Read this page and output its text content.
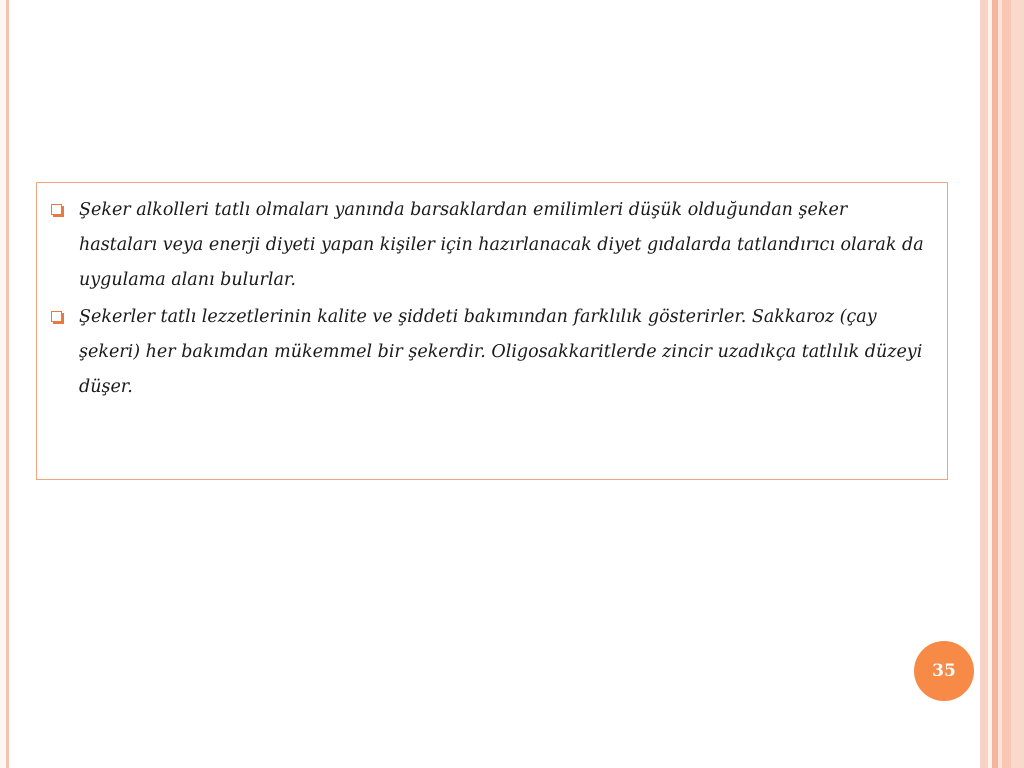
Şeker alkolleri tatlı olmaları yanında barsaklardan emilimleri düşük olduğundan şeker hastaları veya enerji diyeti yapan kişiler için hazırlanacak diyet gıdalarda tatlandırıcı olarak da uygulama alanı bulurlar.
Şekerler tatlı lezzetlerinin kalite ve şiddeti bakımından farklılık gösterirler. Sakkaroz (çay şekeri) her bakımdan mükemmel bir şekerdir. Oligosakkaritlerde zincir uzadıkça tatlılık düzeyi düşer.
35
